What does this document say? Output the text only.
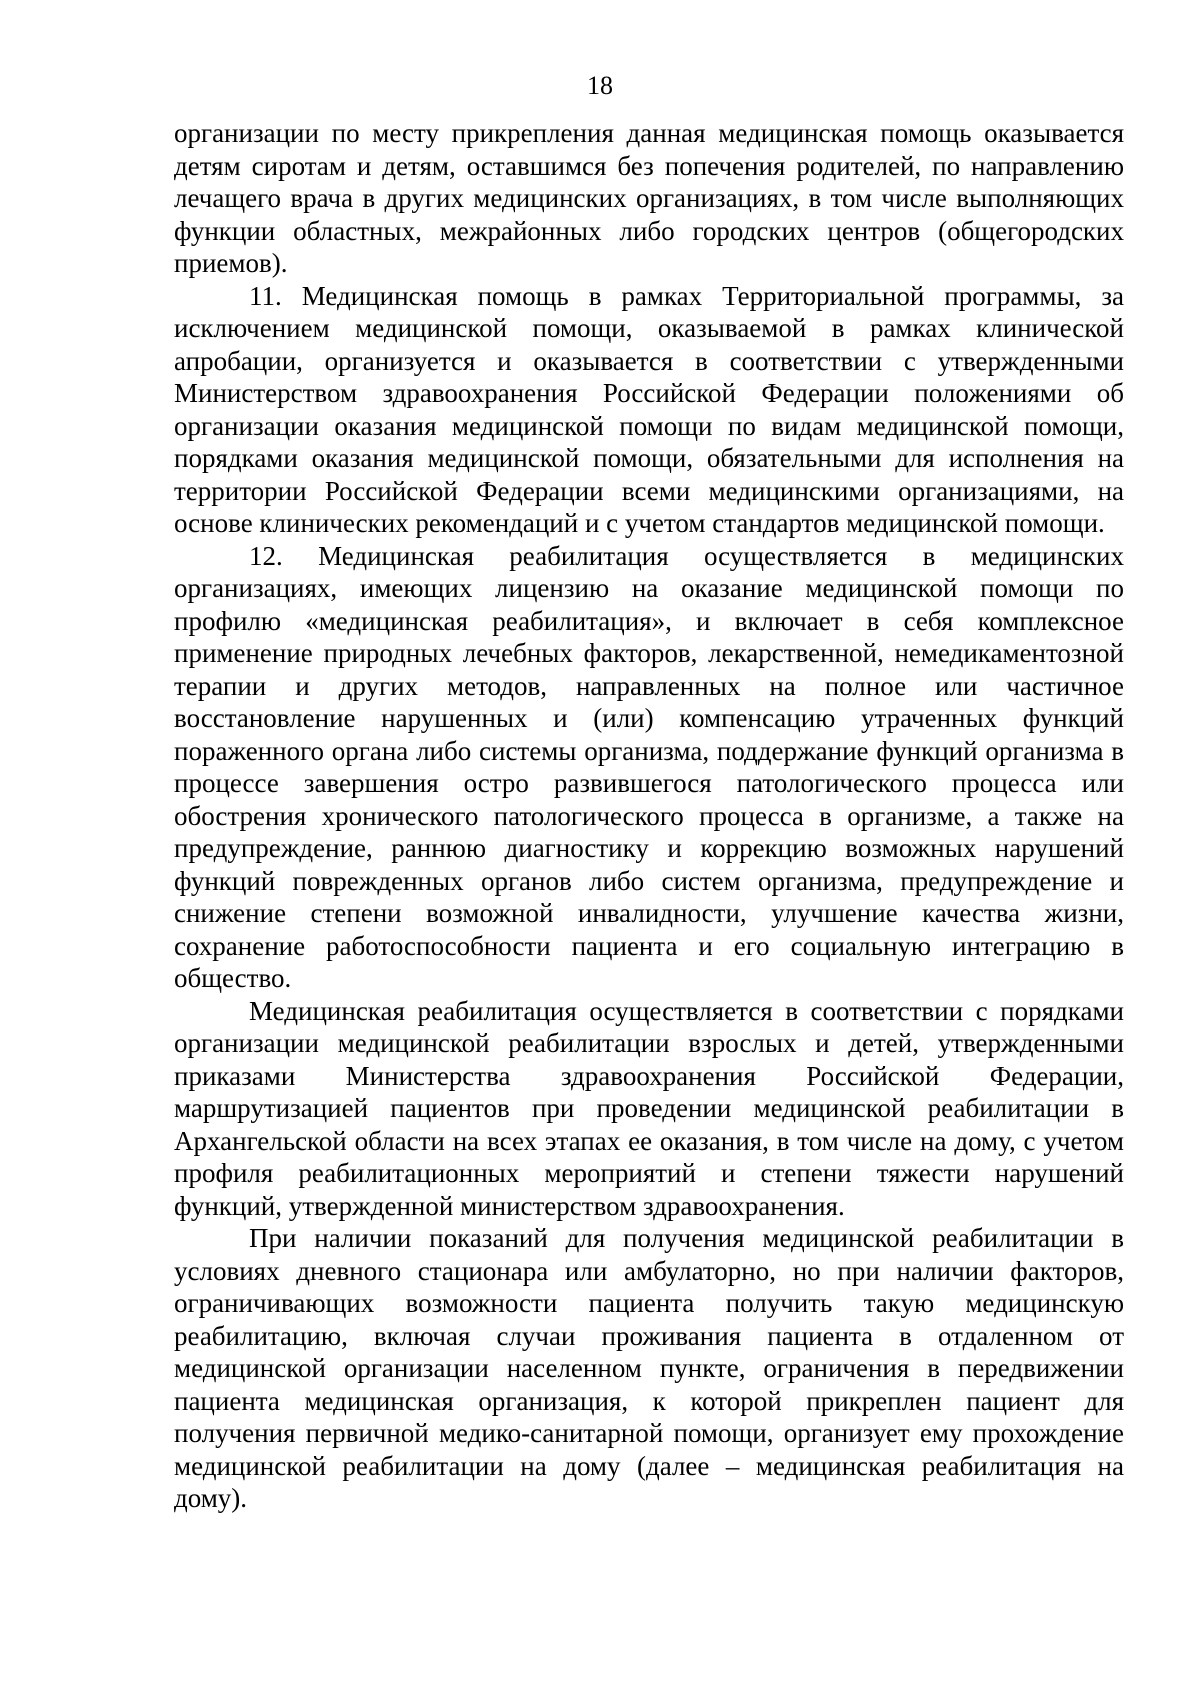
18

организации по месту прикрепления данная медицинская помощь оказывается детям сиротам и детям, оставшимся без попечения родителей, по направлению лечащего врача в других медицинских организациях, в том числе выполняющих функции областных, межрайонных либо городских центров (общегородских приемов).

11. Медицинская помощь в рамках Территориальной программы, за исключением медицинской помощи, оказываемой в рамках клинической апробации, организуется и оказывается в соответствии с утвержденными Министерством здравоохранения Российской Федерации положениями об организации оказания медицинской помощи по видам медицинской помощи, порядками оказания медицинской помощи, обязательными для исполнения на территории Российской Федерации всеми медицинскими организациями, на основе клинических рекомендаций и с учетом стандартов медицинской помощи.

12. Медицинская реабилитация осуществляется в медицинских организациях, имеющих лицензию на оказание медицинской помощи по профилю «медицинская реабилитация», и включает в себя комплексное применение природных лечебных факторов, лекарственной, немедикаментозной терапии и других методов, направленных на полное или частичное восстановление нарушенных и (или) компенсацию утраченных функций пораженного органа либо системы организма, поддержание функций организма в процессе завершения остро развившегося патологического процесса или обострения хронического патологического процесса в организме, а также на предупреждение, раннюю диагностику и коррекцию возможных нарушений функций поврежденных органов либо систем организма, предупреждение и снижение степени возможной инвалидности, улучшение качества жизни, сохранение работоспособности пациента и его социальную интеграцию в общество.

Медицинская реабилитация осуществляется в соответствии с порядками организации медицинской реабилитации взрослых и детей, утвержденными приказами Министерства здравоохранения Российской Федерации, маршрутизацией пациентов при проведении медицинской реабилитации в Архангельской области на всех этапах ее оказания, в том числе на дому, с учетом профиля реабилитационных мероприятий и степени тяжести нарушений функций, утвержденной министерством здравоохранения.

При наличии показаний для получения медицинской реабилитации в условиях дневного стационара или амбулаторно, но при наличии факторов, ограничивающих возможности пациента получить такую медицинскую реабилитацию, включая случаи проживания пациента в отдаленном от медицинской организации населенном пункте, ограничения в передвижении пациента медицинская организация, к которой прикреплен пациент для получения первичной медико-санитарной помощи, организует ему прохождение медицинской реабилитации на дому (далее – медицинская реабилитация на дому).
